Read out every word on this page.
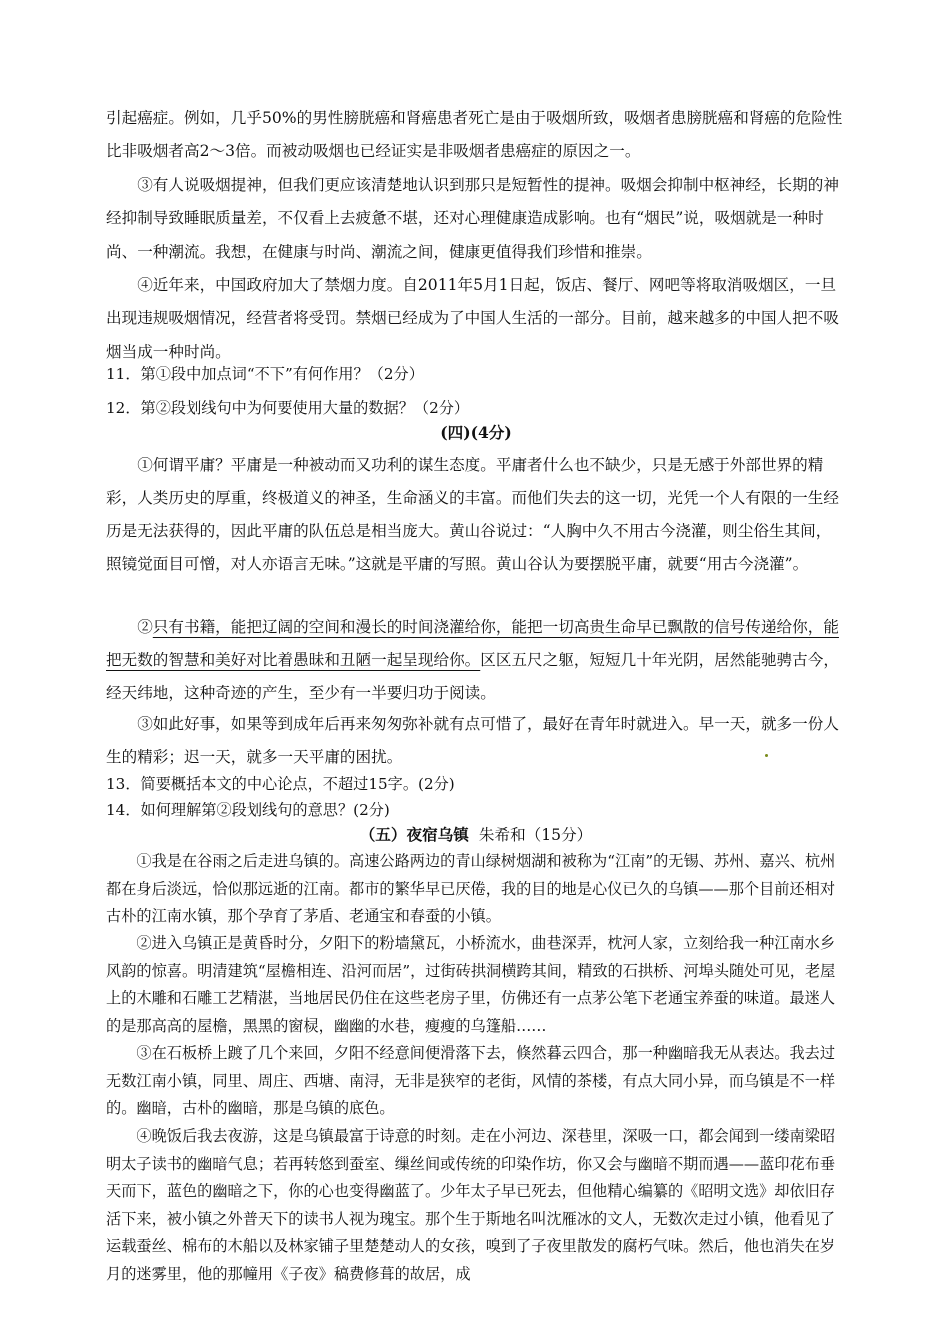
引起癌症。例如，几乎50%的男性膀胱癌和肾癌患者死亡是由于吸烟所致，吸烟者患膀胱癌和肾癌的危险性比非吸烟者高2～3倍。而被动吸烟也已经证实是非吸烟者患癌症的原因之一。

③有人说吸烟提神，但我们更应该清楚地认识到那只是短暂性的提神。吸烟会抑制中枢神经，长期的神经抑制导致睡眠质量差，不仅看上去疲惫不堪，还对心理健康造成影响。也有“烟民”说，吸烟就是一种时尚、一种潮流。我想，在健康与时尚、潮流之间，健康更值得我们珍惜和推崇。

④近年来，中国政府加大了禁烟力度。自2011年5月1日起，饭店、餐厅、网吧等将取消吸烟区，一旦出现违规吸烟情况，经营者将受罚。禁烟已经成为了中国人生活的一部分。目前，越来越多的中国人把不吸烟当成一种时尚。

11．第①段中加点词“不下”有何作用？（2分）

12．第②段划线句中为何要使用大量的数据？（2分）

(四)(4分)

①何谓平庸？平庸是一种被动而又功利的谋生态度。平庸者什么也不缺少，只是无感于外部世界的精彩，人类历史的厚重，终极道义的神圣，生命涵义的丰富。而他们失去的这一切，光凭一个人有限的一生经历是无法获得的，因此平庸的队伍总是相当庞大。黄山谷说过：“人胸中久不用古今浇灌，则尘俗生其间，照镜觉面目可憎，对人亦语言无味。”这就是平庸的写照。黄山谷认为要摆脱平庸，就要“用古今浇灌”。

②只有书籍，能把辽阔的空间和漫长的时间浇灌给你，能把一切高贵生命早已飘散的信号传递给你，能把无数的智慧和美好对比着愚昧和丑陋一起呈现给你。区区五尺之躯，短短几十年光阴，居然能驰骋古今，经天纬地，这种奇迹的产生，至少有一半要归功于阅读。

③如此好事，如果等到成年后再来匆匆弥补就有点可惜了，最好在青年时就进入。早一天，就多一份人生的精彩；迟一天，就多一天平庸的困扰。

13．简要概括本文的中心论点，不超过15字。(2分)

14．如何理解第②段划线句的意思？(2分)

（五）夜宿乌镇 朱希和（15分）

①我是在谷雨之后走进乌镇的。高速公路两边的青山绿树烟湖和被称为“江南”的无锡、苏州、嘉兴、杭州都在身后淡远，恰似那远逝的江南。都市的繁华早已厌倦，我的目的地是心仪已久的乌镇——那个目前还相对古朴的江南水镇，那个孕育了茅盾、老通宝和春蚕的小镇。

②进入乌镇正是黄昏时分，夕阳下的粉墙黛瓦，小桥流水，曲巷深弄，枕河人家，立刻给我一种江南水乡风韵的惊喜。明清建筑“屋檐相连、沿河而居”，过街砖拱洞横跨其间，精致的石拱桥、河埠头随处可见，老屋上的木雕和石雕工艺精湛，当地居民仍住在这些老房子里，仿佛还有一点茅公笔下老通宝养蚕的味道。最迷人的是那高高的屋檐，黑黑的窗棂，幽幽的水巷，瘦瘦的乌篷船……

③在石板桥上踱了几个来回，夕阳不经意间便滑落下去，倏然暮云四合，那一种幽暗我无从表达。我去过无数江南小镇，同里、周庄、西塘、南浔，无非是狭窄的老街，风情的茶楼，有点大同小异，而乌镇是不一样的。幽暗，古朴的幽暗，那是乌镇的底色。

④晚饭后我去夜游，这是乌镇最富于诗意的时刻。走在小河边、深巷里，深吸一口，都会闻到一缕南梁昭明太子读书的幽暗气息；若再转悠到蚕室、缫丝间或传统的印染作坊，你又会与幽暗不期而遇——蓝印花布垂天而下，蓝色的幽暗之下，你的心也变得幽蓝了。少年太子早已死去，但他精心编纂的《昭明文选》却依旧存活下来，被小镇之外普天下的读书人视为瑰宝。那个生于斯地名叫沈雁冰的文人，无数次走过小镇，他看见了运载蚕丝、棉布的木船以及林家铺子里楚楚动人的女孩，嗅到了子夜里散发的腐朽气味。然后，他也消失在岁月的迷雾里，他的那幢用《子夜》稿费修葺的故居，成
